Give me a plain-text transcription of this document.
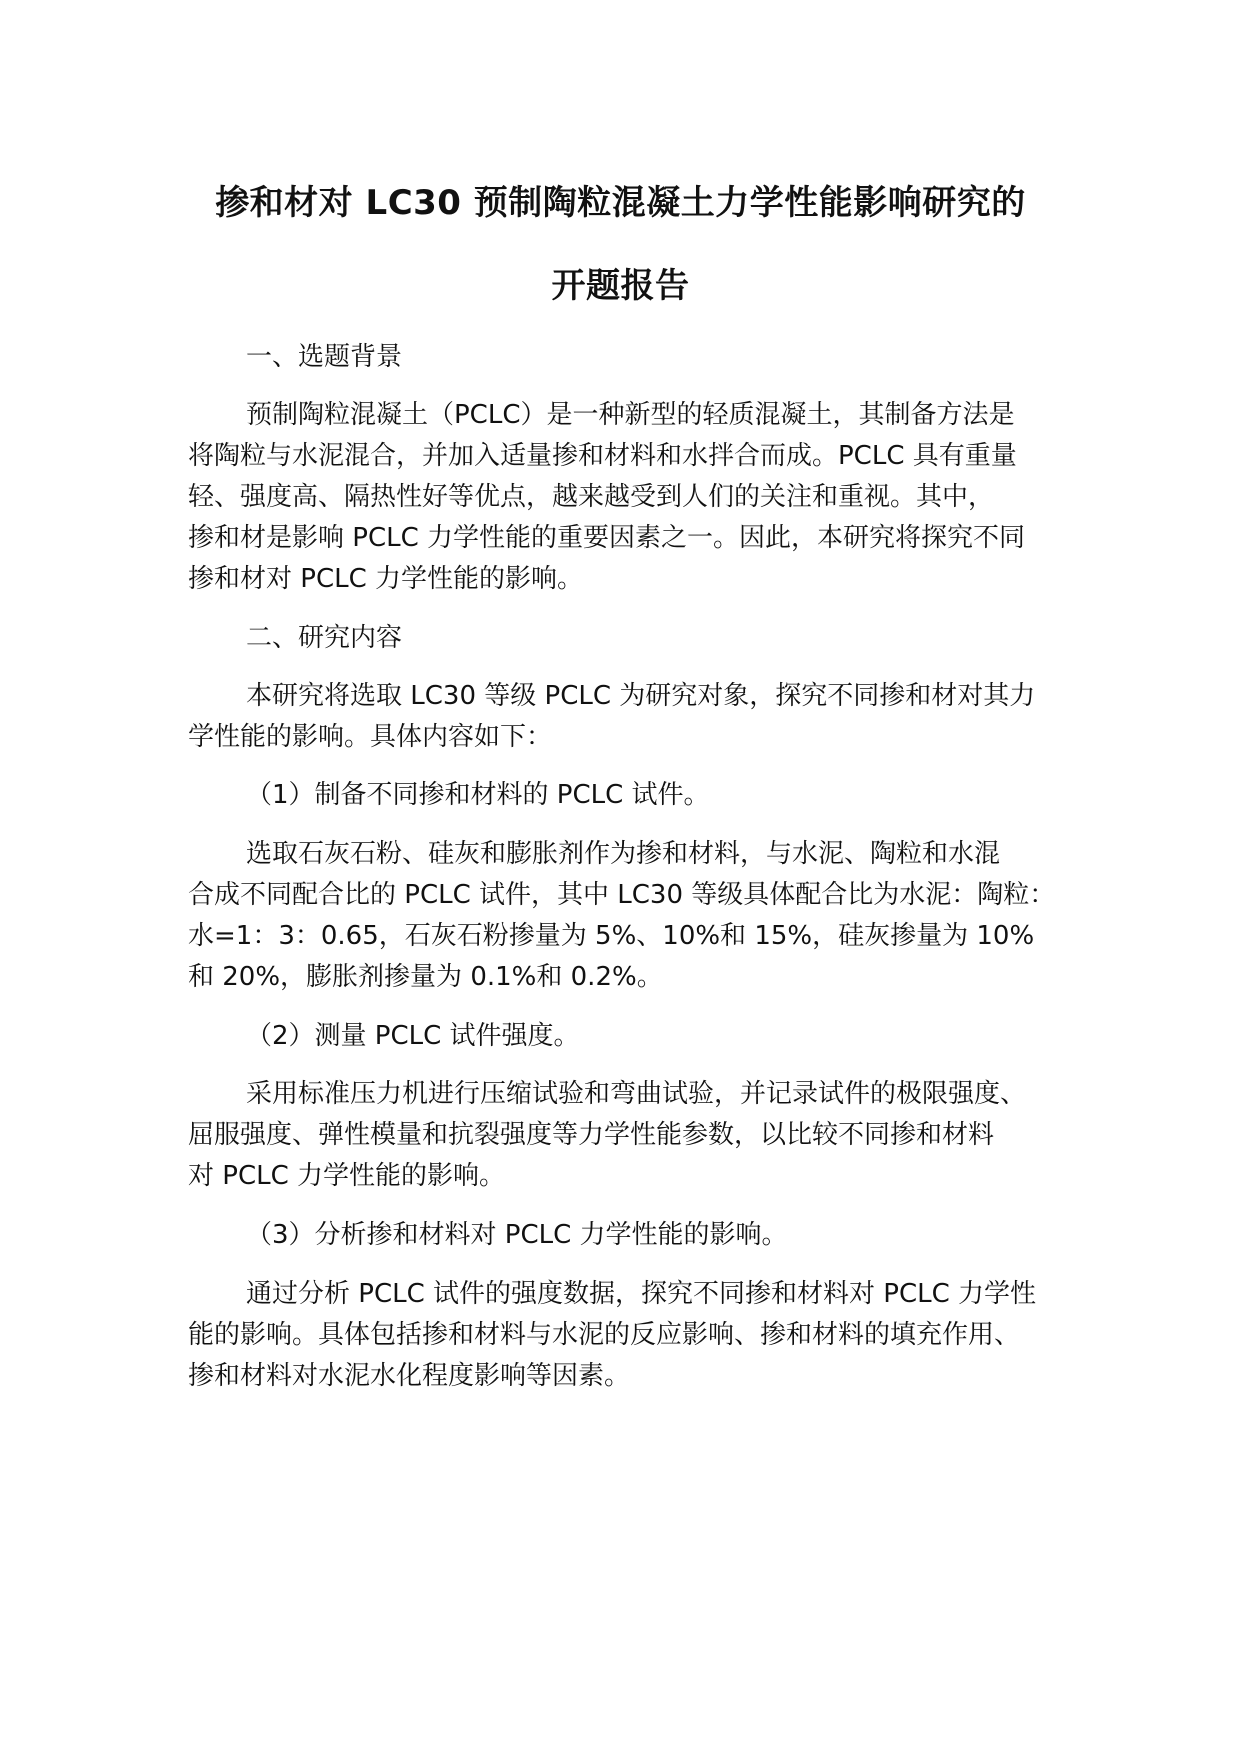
掺和材对 LC30 预制陶粒混凝土力学性能影响研究的
开题报告

一、选题背景

预制陶粒混凝土（PCLC）是一种新型的轻质混凝土，其制备方法是

将陶粒与水泥混合，并加入适量掺和材料和水拌合而成。PCLC 具有重量

轻、强度高、隔热性好等优点，越来越受到人们的关注和重视。其中，

掺和材是影响 PCLC 力学性能的重要因素之一。因此，本研究将探究不同

掺和材对 PCLC 力学性能的影响。

二、研究内容

本研究将选取 LC30 等级 PCLC 为研究对象，探究不同掺和材对其力

学性能的影响。具体内容如下：

（1）制备不同掺和材料的 PCLC 试件。

选取石灰石粉、硅灰和膨胀剂作为掺和材料，与水泥、陶粒和水混

合成不同配合比的 PCLC 试件，其中 LC30 等级具体配合比为水泥：陶粒：

水=1：3：0.65，石灰石粉掺量为 5%、10%和 15%，硅灰掺量为 10%

和 20%，膨胀剂掺量为 0.1%和 0.2%。

（2）测量 PCLC 试件强度。

采用标准压力机进行压缩试验和弯曲试验，并记录试件的极限强度、

屈服强度、弹性模量和抗裂强度等力学性能参数，以比较不同掺和材料

对 PCLC 力学性能的影响。

（3）分析掺和材料对 PCLC 力学性能的影响。

通过分析 PCLC 试件的强度数据，探究不同掺和材料对 PCLC 力学性

能的影响。具体包括掺和材料与水泥的反应影响、掺和材料的填充作用、

掺和材料对水泥水化程度影响等因素。
